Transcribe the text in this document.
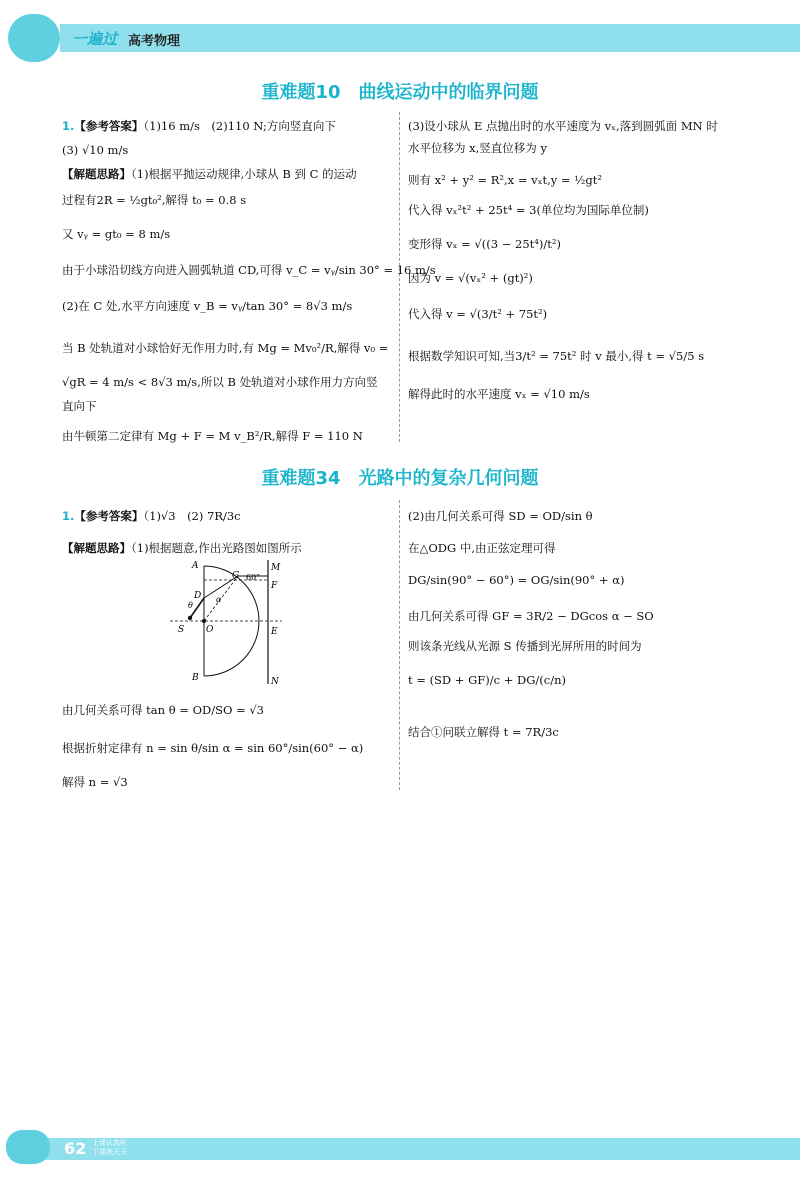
一遍过 高考物理
重难题10　曲线运动中的临界问题
1.【参考答案】（1)16 m/s　(2)110 N;方向竖直向下
(3) √10 m/s
【解题思路】（1)根据平抛运动规律,小球从 B 到 C 的运动
过程有2R = ½gt₀²,解得 t₀ = 0.8 s
又 vᵧ = gt₀ = 8 m/s
由于小球沿切线方向进入圆弧轨道 CD,可得 v_C = vᵧ/sin 30° = 16 m/s
(2)在 C 处,水平方向速度 v_B = vᵧ/tan 30° = 8√3 m/s
当 B 处轨道对小球恰好无作用力时,有 Mg = Mv₀²/R,解得 v₀ =
√gR = 4 m/s < 8√3 m/s,所以 B 处轨道对小球作用力方向竖
直向下
由牛顿第二定律有 Mg + F = M v_B²/R,解得 F = 110 N
(3)设小球从 E 点抛出时的水平速度为 vₓ,落到圆弧面 MN 时
水平位移为 x,竖直位移为 y
则有 x² + y² = R²,x = vₓt,y = ½gt²
代入得 vₓ²t² + 25t⁴ = 3(单位均为国际单位制)
变形得 vₓ = √((3 − 25t⁴)/t²)
因为 v = √(vₓ² + (gt)²)
代入得 v = √(3/t² + 75t²)
根据数学知识可知,当3/t² = 75t² 时 v 最小,得 t = √5/5 s
解得此时的水平速度 vₓ = √10 m/s
重难题34　光路中的复杂几何问题
1.【参考答案】（1)√3　(2) 7R/3c
【解题思路】（1)根据题意,作出光路图如图所示
A
B
S O
D
θ
α
G 60°
F
M
E
N
由几何关系可得 tan θ = OD/SO = √3
根据折射定律有 n = sin θ/sin α = sin 60°/sin(60° − α)
解得 n = √3
(2)由几何关系可得 SD = OD/sin θ
在△ODG 中,由正弦定理可得
DG/sin(90° − 60°) = OG/sin(90° + α)
由几何关系可得 GF = 3R/2 − DGcos α − SO
则该条光线从光源 S 传播到光屏所用的时间为
t = (SD + GF)/c + DG/(c/n)
结合①问联立解得 t = 7R/3c
62 上课认真听
下课练天天
